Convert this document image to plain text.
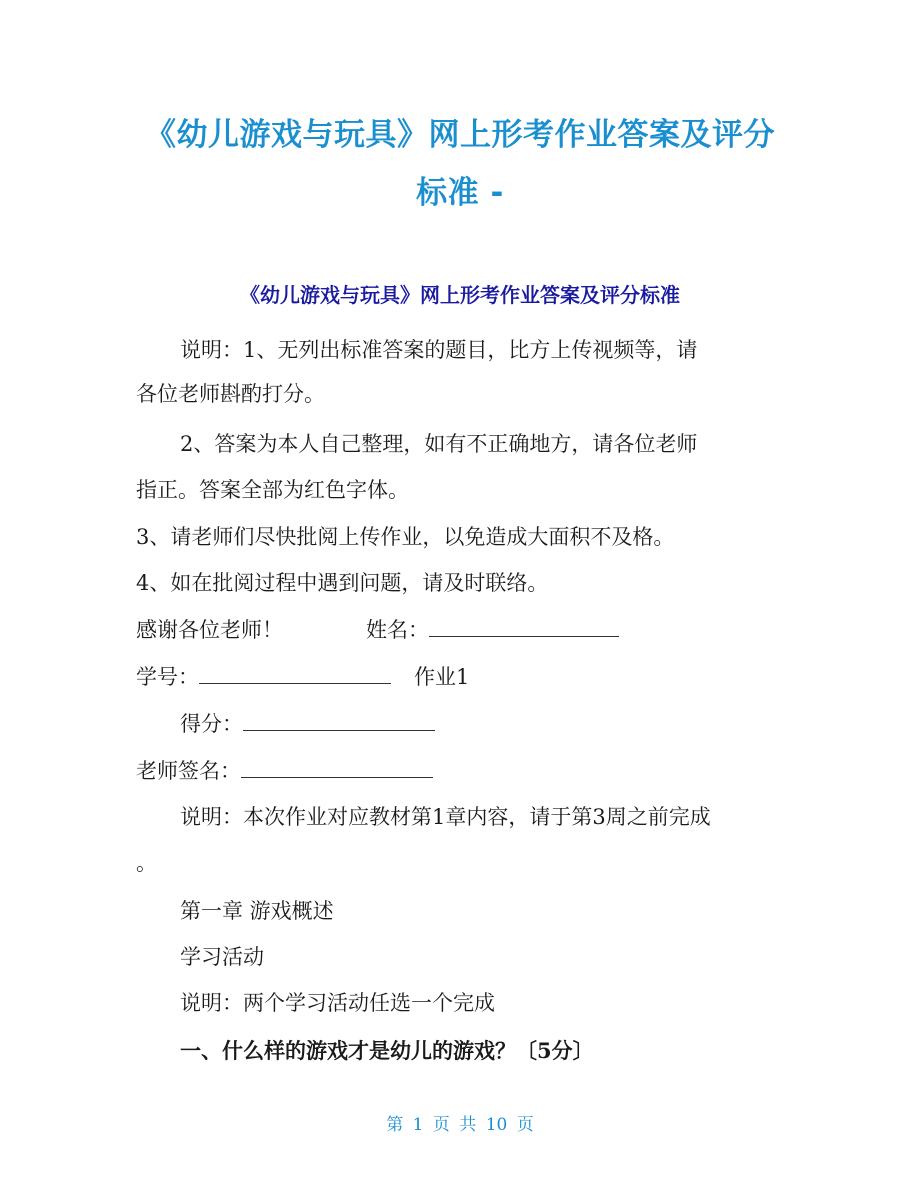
《幼儿游戏与玩具》网上形考作业答案及评分
标准 -
《幼儿游戏与玩具》网上形考作业答案及评分标准
说明：1、无列出标准答案的题目，比方上传视频等，请
各位老师斟酌打分。
2、答案为本人自己整理，如有不正确地方，请各位老师
指正。答案全部为红色字体。
3、请老师们尽快批阅上传作业，以免造成大面积不及格。
4、如在批阅过程中遇到问题，请及时联络。
感谢各位老师！	姓名：
学号：	作业1
得分：
老师签名：
说明：本次作业对应教材第1章内容，请于第3周之前完成
。
第一章 游戏概述
学习活动
说明：两个学习活动任选一个完成
一、什么样的游戏才是幼儿的游戏？〔5分〕
第 1 页 共 10 页
